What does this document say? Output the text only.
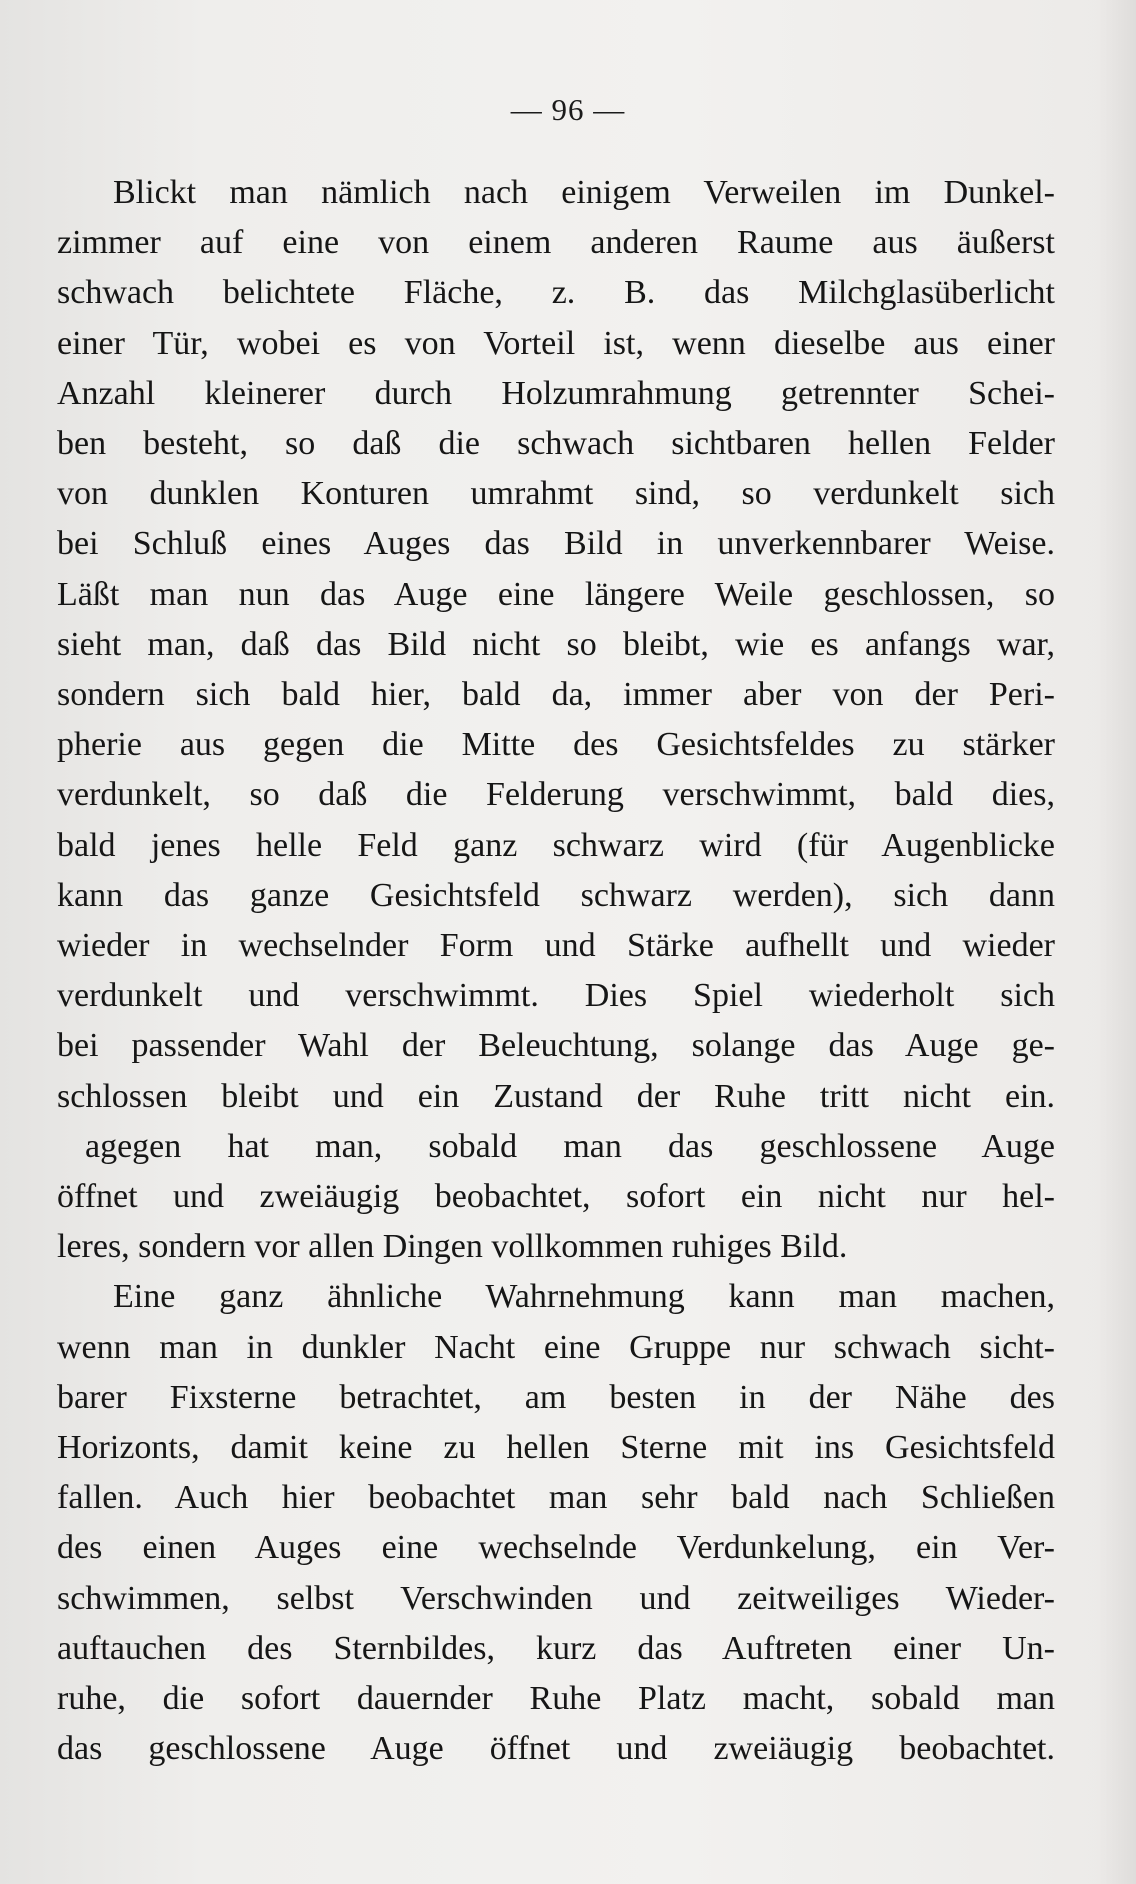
— 96 —
Blickt man nämlich nach einigem Verweilen im Dunkel-
zimmer auf eine von einem anderen Raume aus äußerst
schwach belichtete Fläche, z. B. das Milchglasüberlicht
einer Tür, wobei es von Vorteil ist, wenn dieselbe aus einer
Anzahl kleinerer durch Holzumrahmung getrennter Schei-
ben besteht, so daß die schwach sichtbaren hellen Felder
von dunklen Konturen umrahmt sind, so verdunkelt sich
bei Schluß eines Auges das Bild in unverkennbarer Weise.
Läßt man nun das Auge eine längere Weile geschlossen, so
sieht man, daß das Bild nicht so bleibt, wie es anfangs war,
sondern sich bald hier, bald da, immer aber von der Peri-
pherie aus gegen die Mitte des Gesichtsfeldes zu stärker
verdunkelt, so daß die Felderung verschwimmt, bald dies,
bald jenes helle Feld ganz schwarz wird (für Augenblicke
kann das ganze Gesichtsfeld schwarz werden), sich dann
wieder in wechselnder Form und Stärke aufhellt und wieder
verdunkelt und verschwimmt. Dies Spiel wiederholt sich
bei passender Wahl der Beleuchtung, solange das Auge ge-
schlossen bleibt und ein Zustand der Ruhe tritt nicht ein.
agegen hat man, sobald man das geschlossene Auge
öffnet und zweiäugig beobachtet, sofort ein nicht nur hel-
leres, sondern vor allen Dingen vollkommen ruhiges Bild.
Eine ganz ähnliche Wahrnehmung kann man machen,
wenn man in dunkler Nacht eine Gruppe nur schwach sicht-
barer Fixsterne betrachtet, am besten in der Nähe des
Horizonts, damit keine zu hellen Sterne mit ins Gesichtsfeld
fallen. Auch hier beobachtet man sehr bald nach Schließen
des einen Auges eine wechselnde Verdunkelung, ein Ver-
schwimmen, selbst Verschwinden und zeitweiliges Wieder-
auftauchen des Sternbildes, kurz das Auftreten einer Un-
ruhe, die sofort dauernder Ruhe Platz macht, sobald man
das geschlossene Auge öffnet und zweiäugig beobachtet.
